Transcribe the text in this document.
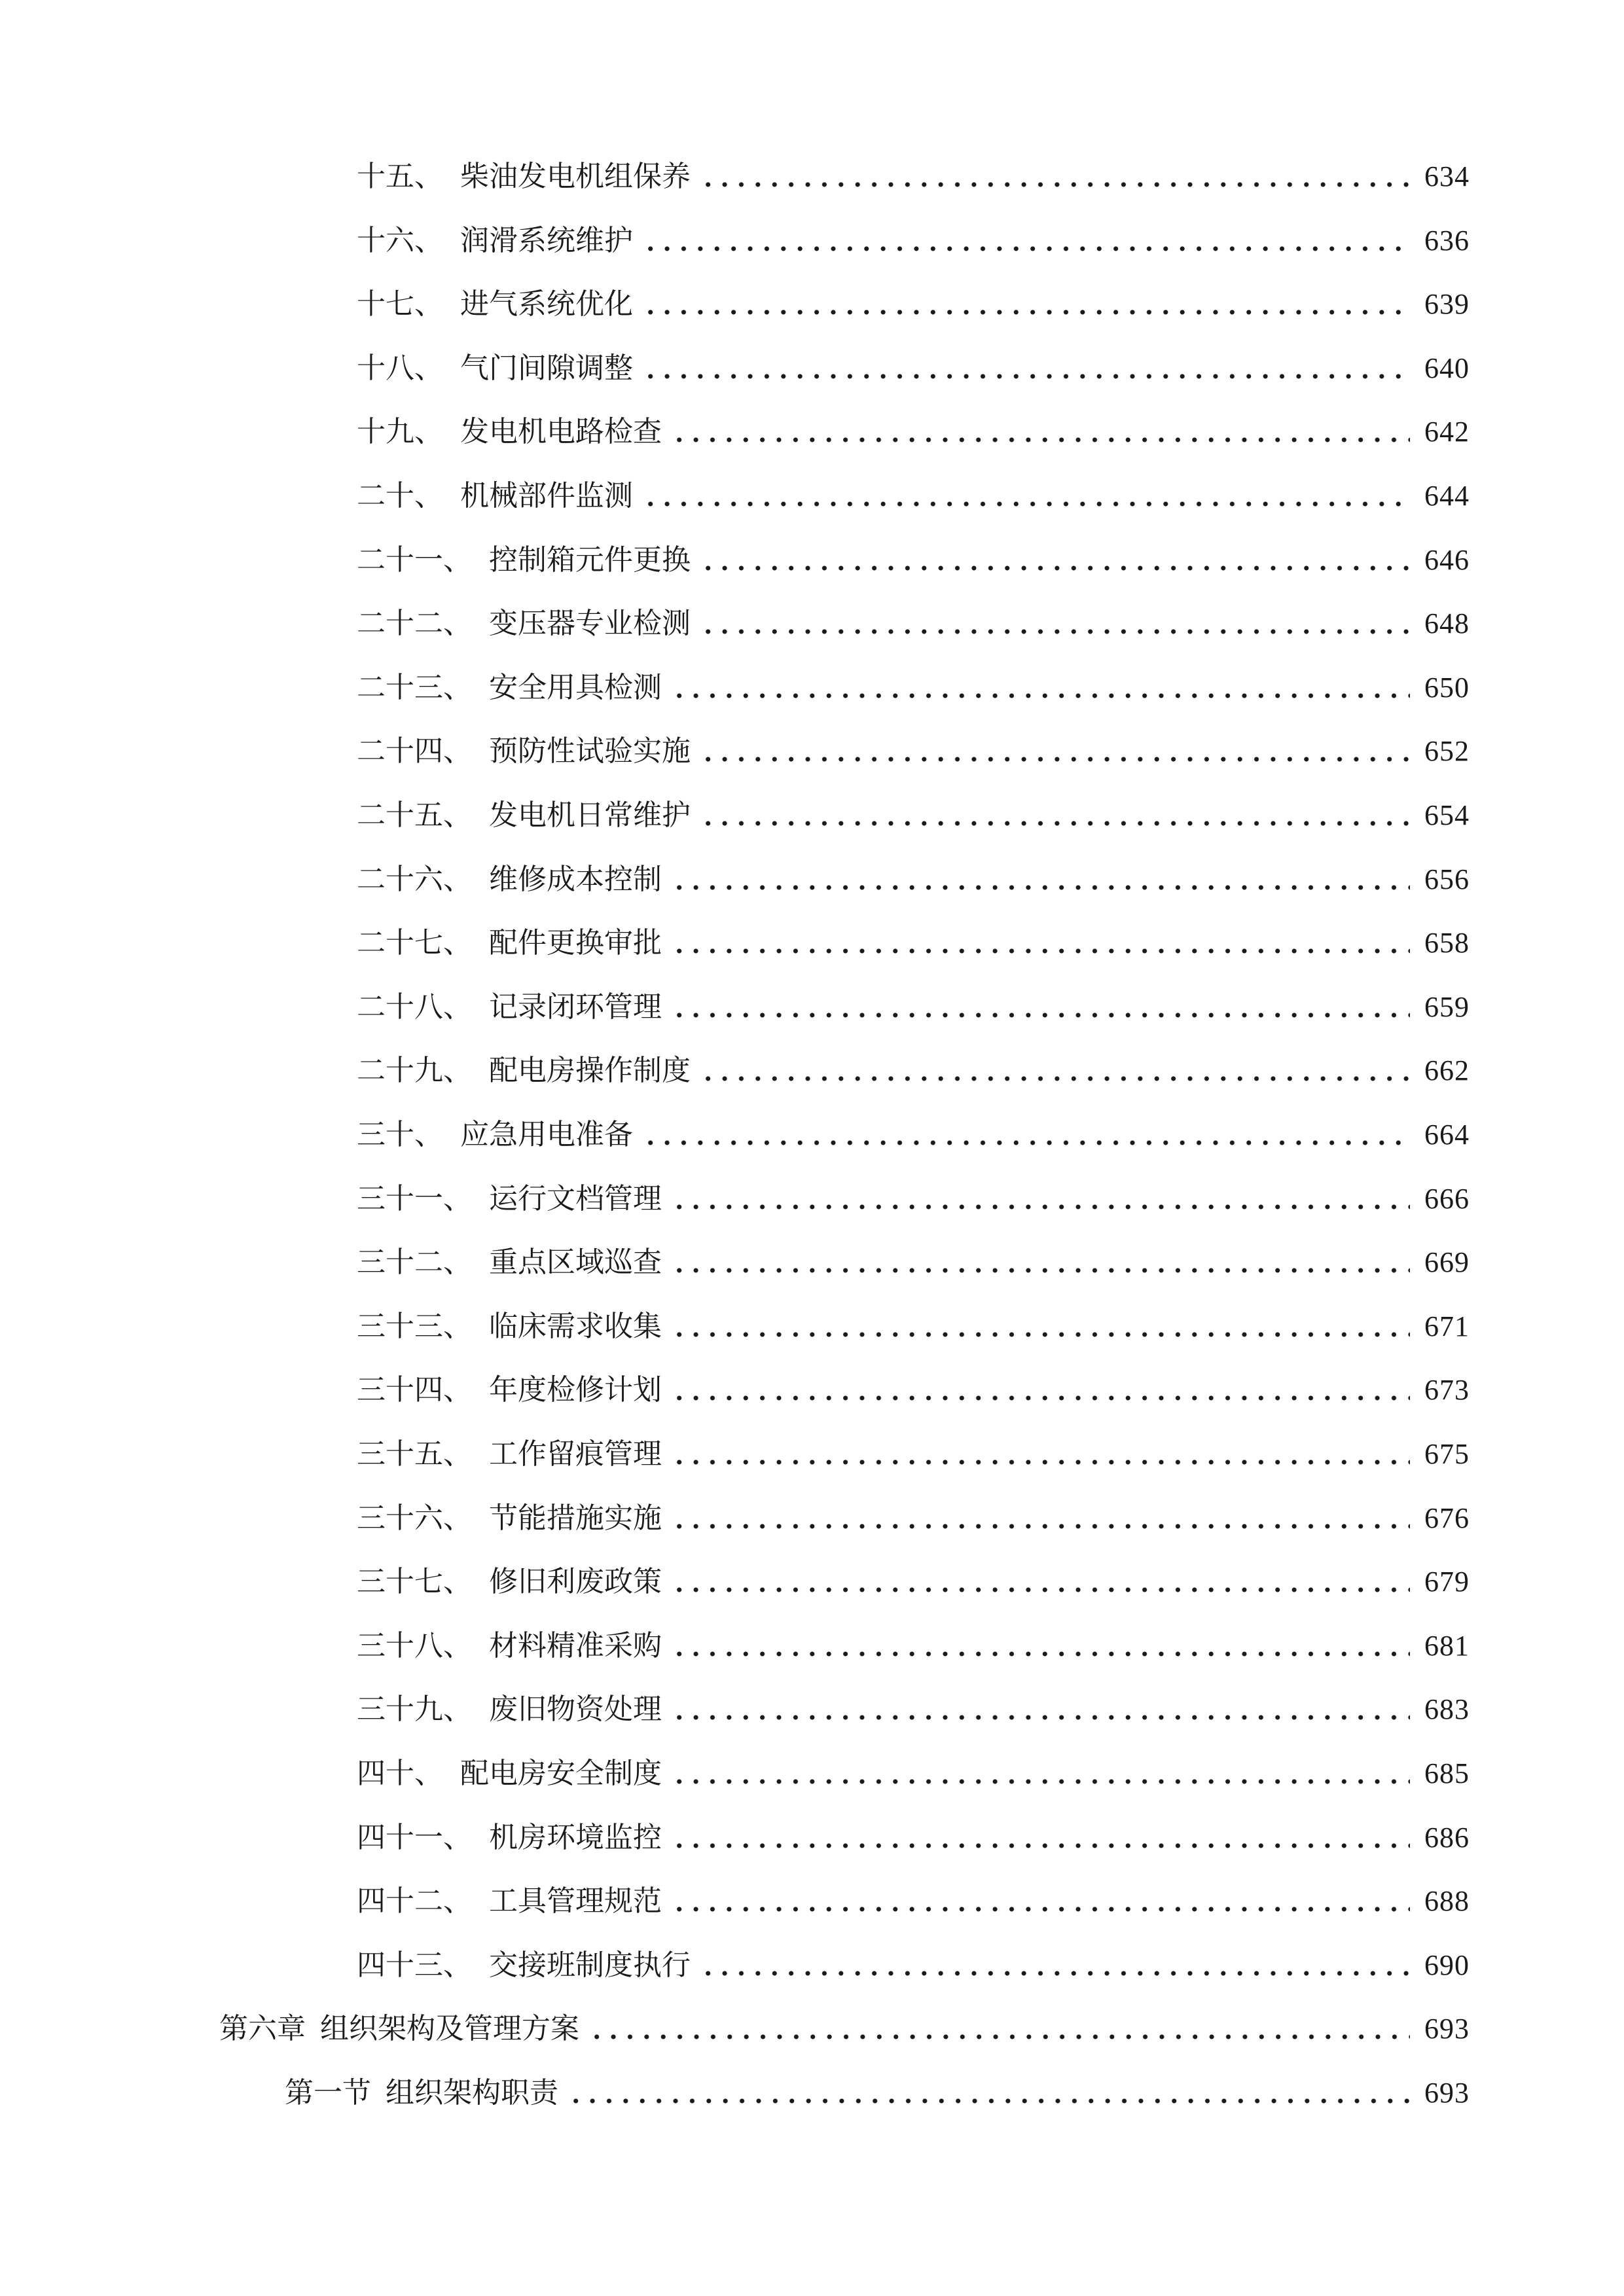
十五、 柴油发电机组保养	634
十六、 润滑系统维护	636
十七、 进气系统优化	639
十八、 气门间隙调整	640
十九、 发电机电路检查	642
二十、 机械部件监测	644
二十一、 控制箱元件更换	646
二十二、 变压器专业检测	648
二十三、 安全用具检测	650
二十四、 预防性试验实施	652
二十五、 发电机日常维护	654
二十六、 维修成本控制	656
二十七、 配件更换审批	658
二十八、 记录闭环管理	659
二十九、 配电房操作制度	662
三十、 应急用电准备	664
三十一、 运行文档管理	666
三十二、 重点区域巡查	669
三十三、 临床需求收集	671
三十四、 年度检修计划	673
三十五、 工作留痕管理	675
三十六、 节能措施实施	676
三十七、 修旧利废政策	679
三十八、 材料精准采购	681
三十九、 废旧物资处理	683
四十、 配电房安全制度	685
四十一、 机房环境监控	686
四十二、 工具管理规范	688
四十三、 交接班制度执行	690
第六章 组织架构及管理方案	693
第一节 组织架构职责	693
